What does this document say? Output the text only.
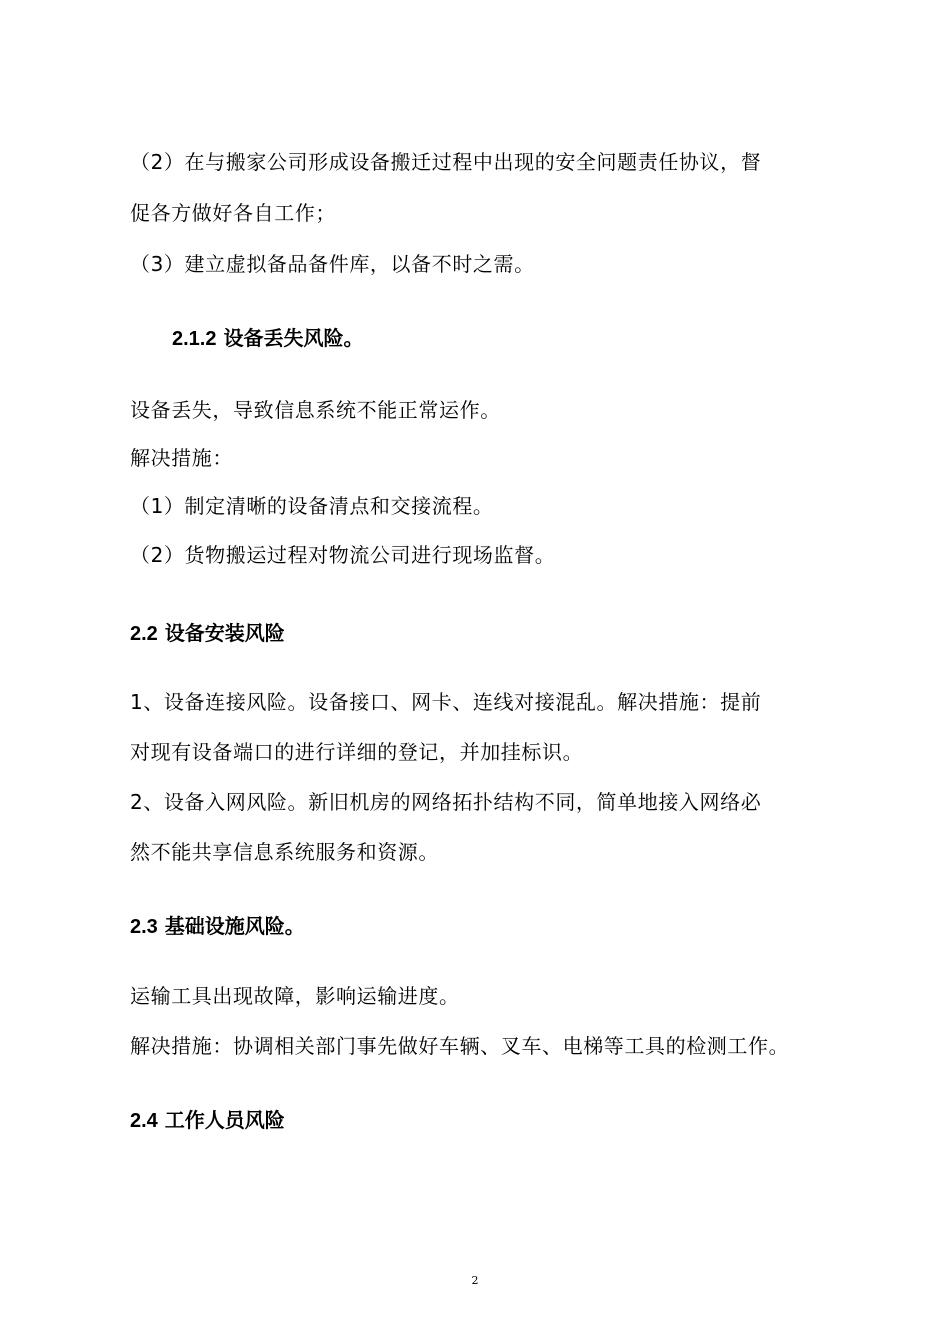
（2）在与搬家公司形成设备搬迁过程中出现的安全问题责任协议，督
促各方做好各自工作；
（3）建立虚拟备品备件库，以备不时之需。
2.1.2 设备丢失风险。
设备丢失，导致信息系统不能正常运作。
解决措施：
（1）制定清晰的设备清点和交接流程。
（2）货物搬运过程对物流公司进行现场监督。
2.2 设备安装风险
1、设备连接风险。设备接口、网卡、连线对接混乱。解决措施：提前
对现有设备端口的进行详细的登记，并加挂标识。
2、设备入网风险。新旧机房的网络拓扑结构不同，简单地接入网络必
然不能共享信息系统服务和资源。
2.3 基础设施风险。
运输工具出现故障，影响运输进度。
解决措施：协调相关部门事先做好车辆、叉车、电梯等工具的检测工作。
2.4 工作人员风险
2
